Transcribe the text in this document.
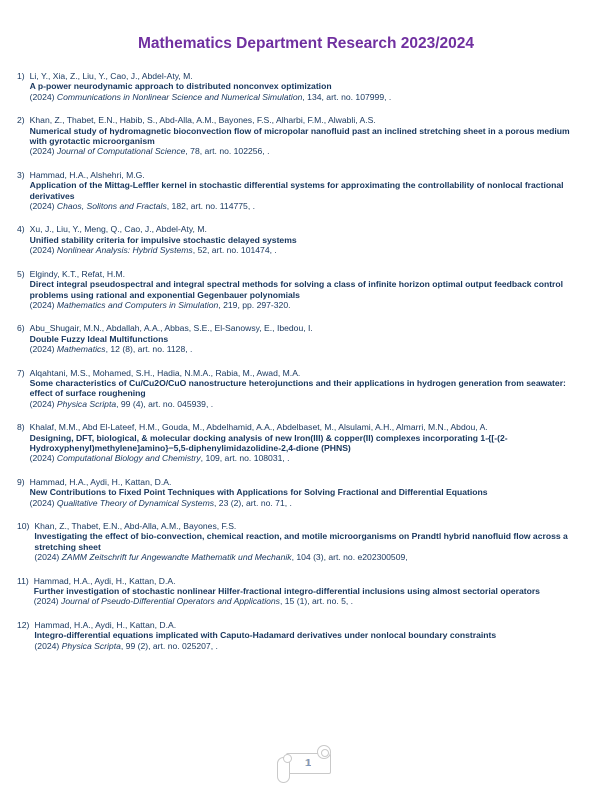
Mathematics Department Research 2023/2024
1) Li, Y., Xia, Z., Liu, Y., Cao, J., Abdel-Aty, M.
A p-power neurodynamic approach to distributed nonconvex optimization
(2024) Communications in Nonlinear Science and Numerical Simulation, 134, art. no. 107999, .
2) Khan, Z., Thabet, E.N., Habib, S., Abd-Alla, A.M., Bayones, F.S., Alharbi, F.M., Alwabli, A.S.
Numerical study of hydromagnetic bioconvection flow of micropolar nanofluid past an inclined stretching sheet in a porous medium with gyrotactic microorganism
(2024) Journal of Computational Science, 78, art. no. 102256, .
3) Hammad, H.A., Alshehri, M.G.
Application of the Mittag-Leffler kernel in stochastic differential systems for approximating the controllability of nonlocal fractional derivatives
(2024) Chaos, Solitons and Fractals, 182, art. no. 114775, .
4) Xu, J., Liu, Y., Meng, Q., Cao, J., Abdel-Aty, M.
Unified stability criteria for impulsive stochastic delayed systems
(2024) Nonlinear Analysis: Hybrid Systems, 52, art. no. 101474, .
5) Elgindy, K.T., Refat, H.M.
Direct integral pseudospectral and integral spectral methods for solving a class of infinite horizon optimal output feedback control problems using rational and exponential Gegenbauer polynomials
(2024) Mathematics and Computers in Simulation, 219, pp. 297-320.
6) Abu_Shugair, M.N., Abdallah, A.A., Abbas, S.E., El-Sanowsy, E., Ibedou, I.
Double Fuzzy Ideal Multifunctions
(2024) Mathematics, 12 (8), art. no. 1128, .
7) Alqahtani, M.S., Mohamed, S.H., Hadia, N.M.A., Rabia, M., Awad, M.A.
Some characteristics of Cu/Cu2O/CuO nanostructure heterojunctions and their applications in hydrogen generation from seawater: effect of surface roughening
(2024) Physica Scripta, 99 (4), art. no. 045939, .
8) Khalaf, M.M., Abd El-Lateef, H.M., Gouda, M., Abdelhamid, A.A., Abdelbaset, M., Alsulami, A.H., Almarri, M.N., Abdou, A.
Designing, DFT, biological, & molecular docking analysis of new Iron(III) & copper(II) complexes incorporating 1-{[-(2-Hydroxyphenyl)methylene]amino}−5,5-diphenylimidazolidine-2,4-dione (PHNS)
(2024) Computational Biology and Chemistry, 109, art. no. 108031, .
9) Hammad, H.A., Aydi, H., Kattan, D.A.
New Contributions to Fixed Point Techniques with Applications for Solving Fractional and Differential Equations
(2024) Qualitative Theory of Dynamical Systems, 23 (2), art. no. 71, .
10) Khan, Z., Thabet, E.N., Abd-Alla, A.M., Bayones, F.S.
Investigating the effect of bio-convection, chemical reaction, and motile microorganisms on Prandtl hybrid nanofluid flow across a stretching sheet
(2024) ZAMM Zeitschrift fur Angewandte Mathematik und Mechanik, 104 (3), art. no. e202300509,
11) Hammad, H.A., Aydi, H., Kattan, D.A.
Further investigation of stochastic nonlinear Hilfer-fractional integro-differential inclusions using almost sectorial operators
(2024) Journal of Pseudo-Differential Operators and Applications, 15 (1), art. no. 5, .
12) Hammad, H.A., Aydi, H., Kattan, D.A.
Integro-differential equations implicated with Caputo-Hadamard derivatives under nonlocal boundary constraints
(2024) Physica Scripta, 99 (2), art. no. 025207, .
1
